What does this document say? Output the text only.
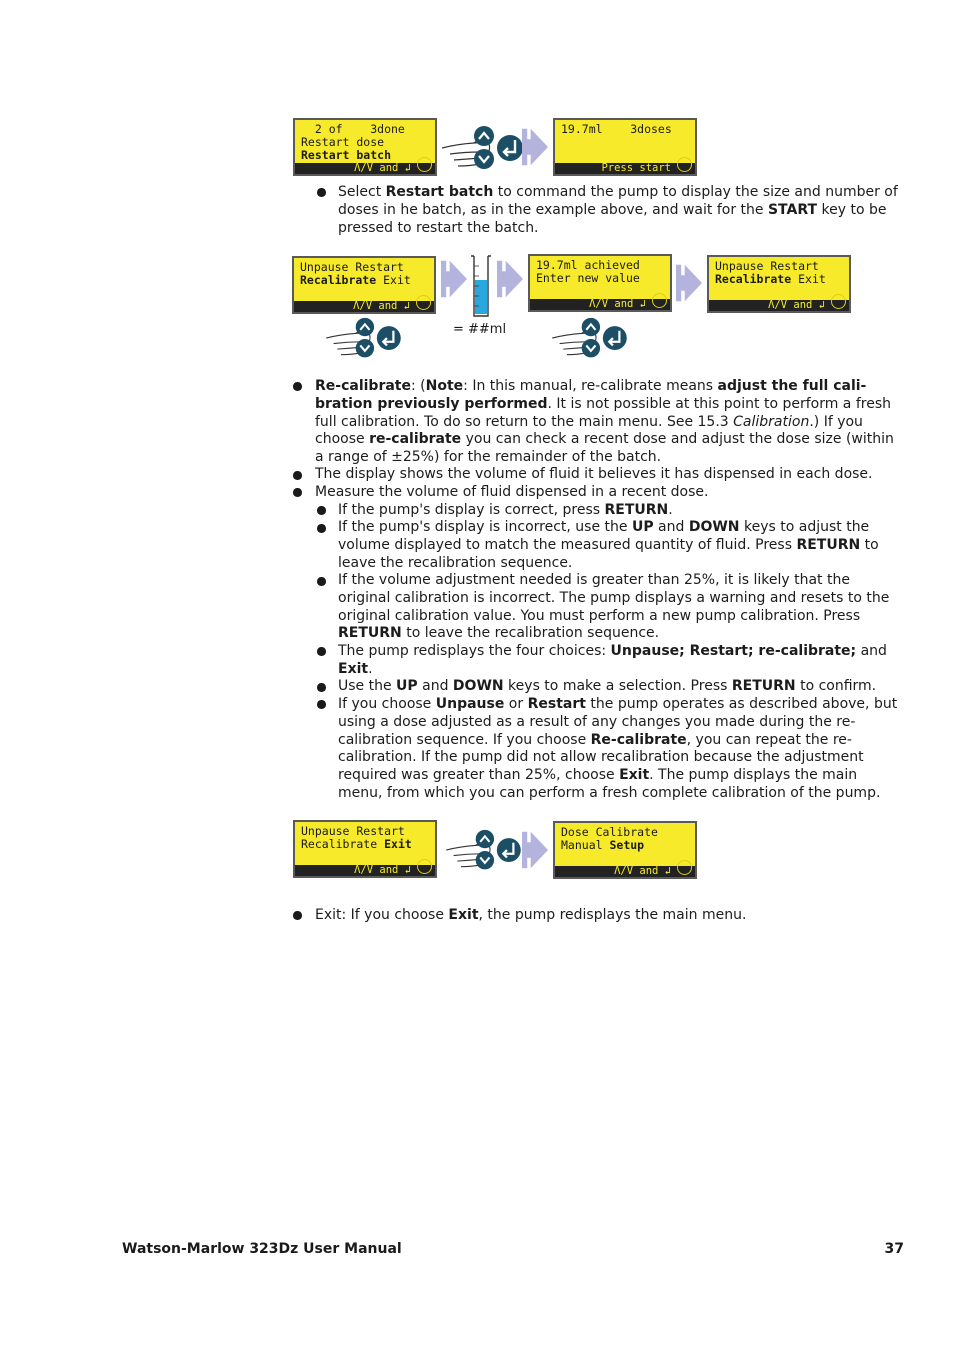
2 of    3done
Restart dose
Restart batch
Λ/V and ↲
19.7ml    3doses
Press start

Select Restart batch to command the pump to display the size and number of doses in he batch, as in the example above, and wait for the START key to be pressed to restart the batch.

Unpause Restart
Recalibrate Exit
Λ/V and ↲
= ##ml
19.7ml achieved
Enter new value
Λ/V and ↲
Unpause Restart
Recalibrate Exit
Λ/V and ↲

Re-calibrate: (Note: In this manual, re-calibrate means adjust the full cali-bration previously performed. It is not possible at this point to perform a fresh full calibration. To do so return to the main menu. See 15.3 Calibration.) If you choose re-calibrate you can check a recent dose and adjust the dose size (within a range of ±25%) for the remainder of the batch.

The display shows the volume of fluid it believes it has dispensed in each dose.

Measure the volume of fluid dispensed in a recent dose.

If the pump's display is correct, press RETURN.

If the pump's display is incorrect, use the UP and DOWN keys to adjust the volume displayed to match the measured quantity of fluid. Press RETURN to leave the recalibration sequence.

If the volume adjustment needed is greater than 25%, it is likely that the original calibration is incorrect. The pump displays a warning and resets to the original calibration value. You must perform a new pump calibration. Press RETURN to leave the recalibration sequence.

The pump redisplays the four choices: Unpause; Restart; re-calibrate; and Exit.

Use the UP and DOWN keys to make a selection. Press RETURN to confirm.

If you choose Unpause or Restart the pump operates as described above, but using a dose adjusted as a result of any changes you made during the re-calibration sequence. If you choose Re-calibrate, you can repeat the re-calibration. If the pump did not allow recalibration because the adjustment required was greater than 25%, choose Exit. The pump displays the main menu, from which you can perform a fresh complete calibration of the pump.

Unpause Restart
Recalibrate Exit
Λ/V and ↲
Dose Calibrate
Manual Setup
Λ/V and ↲

Exit: If you choose Exit, the pump redisplays the main menu.

Watson-Marlow 323Dz User Manual	37
